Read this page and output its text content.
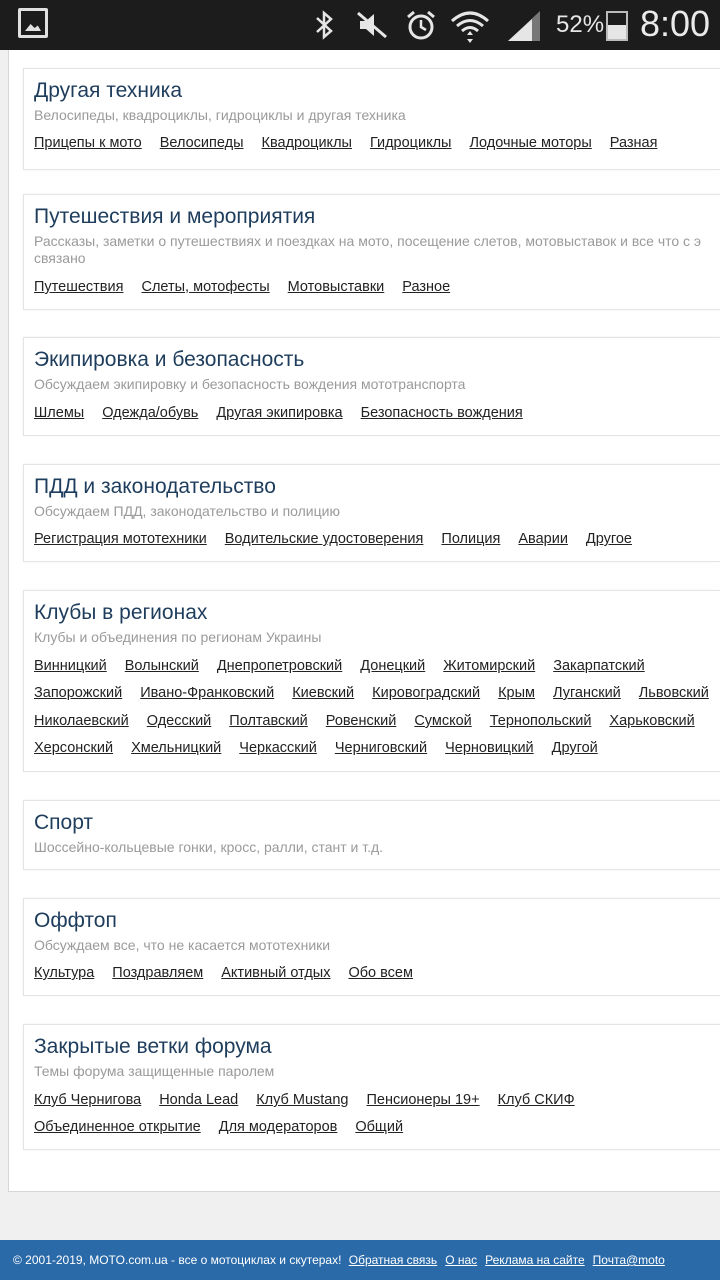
52% 8:00
Другая техника
Велосипеды, квадроциклы, гидроциклы и другая техника
Прицепы к мото Велосипеды Квадроциклы Гидроциклы Лодочные моторы Разная
Путешествия и мероприятия
Рассказы, заметки о путешествиях и поездках на мото, посещение слетов, мотовыставок и все что с э связано
Путешествия Слеты, мотофесты Мотовыставки Разное
Экипировка и безопасность
Обсуждаем экипировку и безопасность вождения мототранспорта
Шлемы Одежда/обувь Другая экипировка Безопасность вождения
ПДД и законодательство
Обсуждаем ПДД, законодательство и полицию
Регистрация мототехники Водительские удостоверения Полиция Аварии Другое
Клубы в регионах
Клубы и объединения по регионам Украины
Винницкий Волынский Днепропетровский Донецкий Житомирский Закарпатский
Запорожский Ивано-Франковский Киевский Кировоградский Крым Луганский Львовский
Николаевский Одесский Полтавский Ровенский Сумской Тернопольский Харьковский
Херсонский Хмельницкий Черкасский Черниговский Черновицкий Другой
Спорт
Шоссейно-кольцевые гонки, кросс, ралли, стант и т.д.
Оффтоп
Обсуждаем все, что не касается мототехники
Культура Поздравляем Активный отдых Обо всем
Закрытые ветки форума
Темы форума защищенные паролем
Клуб Чернигова Honda Lead Клуб Mustang Пенсионеры 19+ Клуб СКИФ
Объединенное открытие Для модераторов Общий
© 2001-2019, MOTO.com.ua - все о мотоциклах и скутерах! Обратная связь О нас Реклама на сайте Почта@moto
